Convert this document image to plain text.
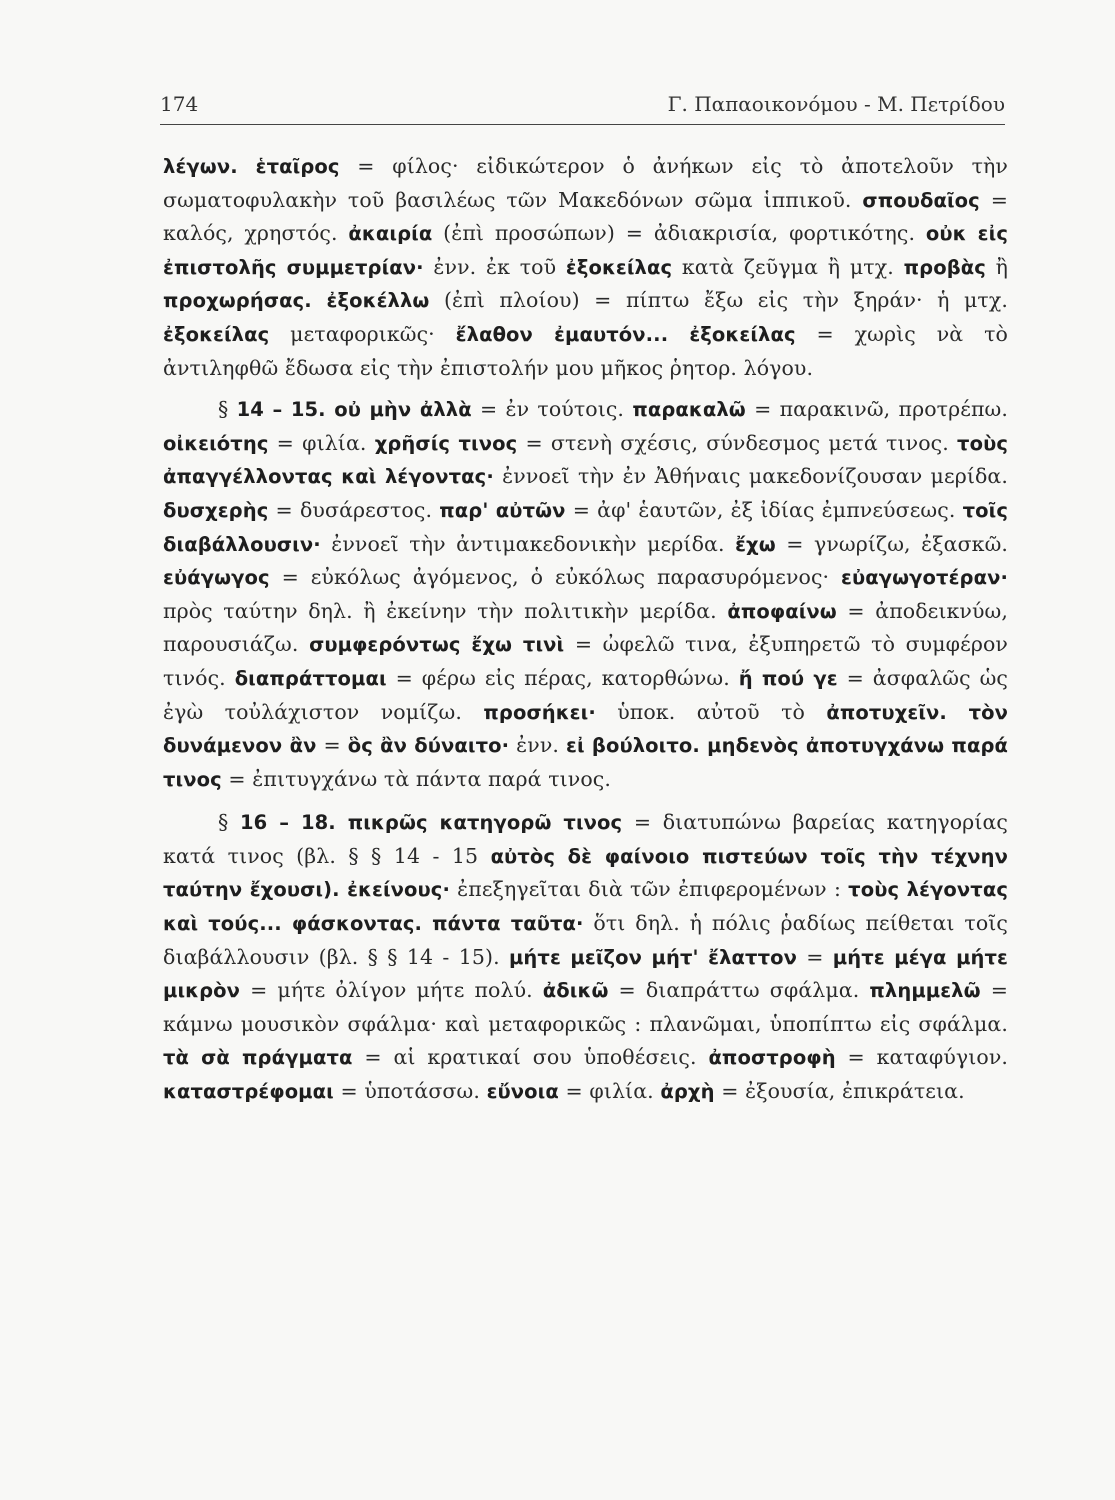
174	Γ. Παπαοικονόμου - Μ. Πετρίδου

λέγων. ἑταῖρος = φίλος· εἰδικώτερον ὁ ἀνήκων εἰς τὸ ἀποτελοῦν τὴν σωματοφυλακὴν τοῦ βασιλέως τῶν Μακεδόνων σῶμα ἱππικοῦ. σπουδαῖος = καλός, χρηστός. ἀκαιρία (ἐπὶ προσώπων) = ἀδιακρισία, φορτικότης. οὐκ εἰς ἐπιστολῆς συμμετρίαν· ἐνν. ἐκ τοῦ ἐξοκείλας κατὰ ζεῦγμα ἢ μτχ. προβὰς ἢ προχωρήσας. ἐξοκέλλω (ἐπὶ πλοίου) = πίπτω ἔξω εἰς τὴν ξηράν· ἡ μτχ. ἐξοκείλας μεταφορικῶς· ἔλαθον ἐμαυτόν... ἐξοκείλας = χωρὶς νὰ τὸ ἀντιληφθῶ ἔδωσα εἰς τὴν ἐπιστολήν μου μῆκος ῥητορ. λόγου.

§ 14 – 15. οὐ μὴν ἀλλὰ = ἐν τούτοις. παρακαλῶ = παρακινῶ, προτρέπω. οἰκειότης = φιλία. χρῆσίς τινος = στενὴ σχέσις, σύνδεσμος μετά τινος. τοὺς ἀπαγγέλλοντας καὶ λέγοντας· ἐννοεῖ τὴν ἐν Ἀθήναις μακεδονίζουσαν μερίδα. δυσχερὴς = δυσάρεστος. παρ' αὐτῶν = ἀφ' ἑαυτῶν, ἐξ ἰδίας ἐμπνεύσεως. τοῖς διαβάλλουσιν· ἐννοεῖ τὴν ἀντιμακεδονικὴν μερίδα. ἔχω = γνωρίζω, ἐξασκῶ. εὐάγωγος = εὐκόλως ἀγόμενος, ὁ εὐκόλως παρασυρόμενος· εὐαγωγοτέραν· πρὸς ταύτην δηλ. ἢ ἐκείνην τὴν πολιτικὴν μερίδα. ἀποφαίνω = ἀποδεικνύω, παρουσιάζω. συμφερόντως ἔχω τινὶ = ὠφελῶ τινα, ἐξυπηρετῶ τὸ συμφέρον τινός. διαπράττομαι = φέρω εἰς πέρας, κατορθώνω. ἤ πού γε = ἀσφαλῶς ὡς ἐγὼ τοὐλάχιστον νομίζω. προσήκει· ὑποκ. αὐτοῦ τὸ ἀποτυχεῖν. τὸν δυνάμενον ἂν = ὃς ἂν δύναιτο· ἐνν. εἰ βούλοιτο. μηδενὸς ἀποτυγχάνω παρά τινος = ἐπιτυγχάνω τὰ πάντα παρά τινος.

§ 16 – 18. πικρῶς κατηγορῶ τινος = διατυπώνω βαρείας κατηγορίας κατά τινος (βλ. § § 14 - 15 αὐτὸς δὲ φαίνοιο πιστεύων τοῖς τὴν τέχνην ταύτην ἔχουσι). ἐκείνους· ἐπεξηγεῖται διὰ τῶν ἐπιφερομένων : τοὺς λέγοντας καὶ τούς... φάσκοντας. πάντα ταῦτα· ὅτι δηλ. ἡ πόλις ῥαδίως πείθεται τοῖς διαβάλλουσιν (βλ. § § 14 - 15). μήτε μεῖζον μήτ' ἔλαττον = μήτε μέγα μήτε μικρὸν = μήτε ὀλίγον μήτε πολύ. ἀδικῶ = διαπράττω σφάλμα. πλημμελῶ = κάμνω μουσικὸν σφάλμα· καὶ μεταφορικῶς : πλανῶμαι, ὑποπίπτω εἰς σφάλμα. τὰ σὰ πράγματα = αἱ κρατικαί σου ὑποθέσεις. ἀποστροφὴ = καταφύγιον. καταστρέφομαι = ὑποτάσσω. εὔνοια = φιλία. ἀρχὴ = ἐξουσία, ἐπικράτεια.
